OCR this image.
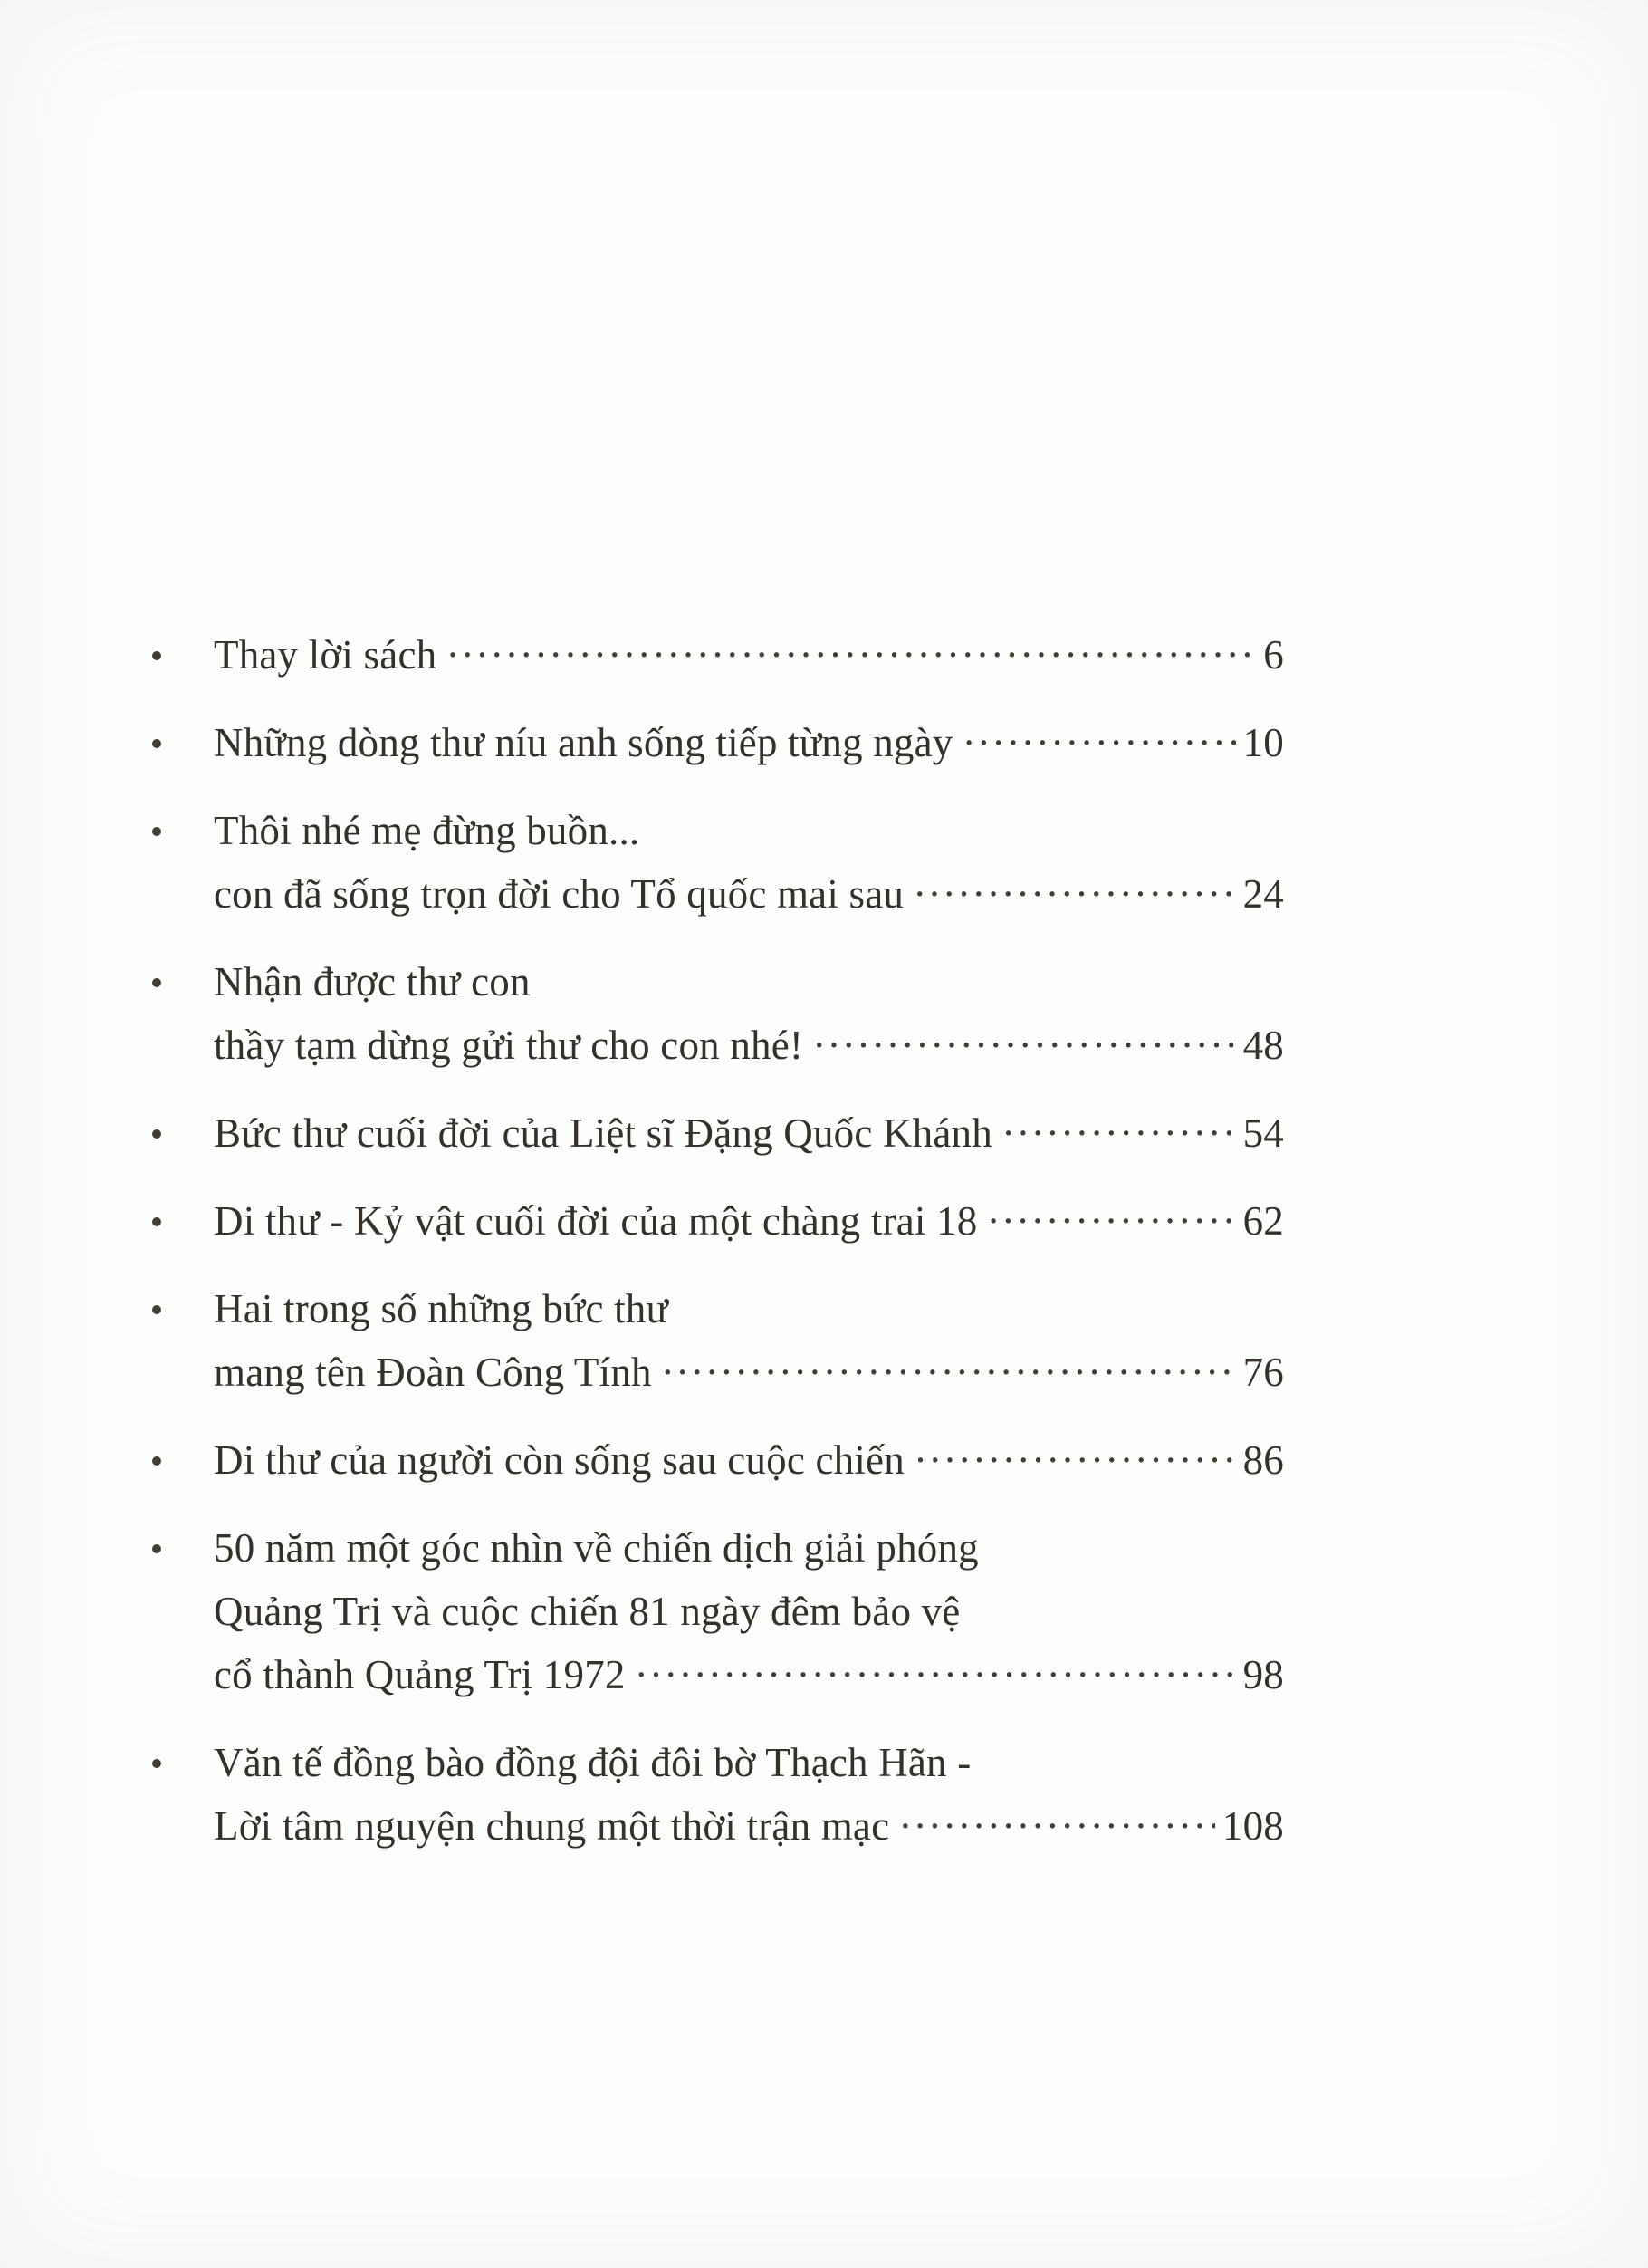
Thay lời sách .....	6
Những dòng thư níu anh sống tiếp từng ngày .....	10
Thôi nhé mẹ đừng buồn...
con đã sống trọn đời cho Tổ quốc mai sau .....	24
Nhận được thư con
thầy tạm dừng gửi thư cho con nhé! .....	48
Bức thư cuối đời của Liệt sĩ Đặng Quốc Khánh .....	54
Di thư - Kỷ vật cuối đời của một chàng trai 18 .....	62
Hai trong số những bức thư
mang tên Đoàn Công Tính .....	76
Di thư của người còn sống sau cuộc chiến .....	86
50 năm một góc nhìn về chiến dịch giải phóng
Quảng Trị và cuộc chiến 81 ngày đêm bảo vệ
cổ thành Quảng Trị 1972 .....	98
Văn tế đồng bào đồng đội đôi bờ Thạch Hãn -
Lời tâm nguyện chung một thời trận mạc .....	108
